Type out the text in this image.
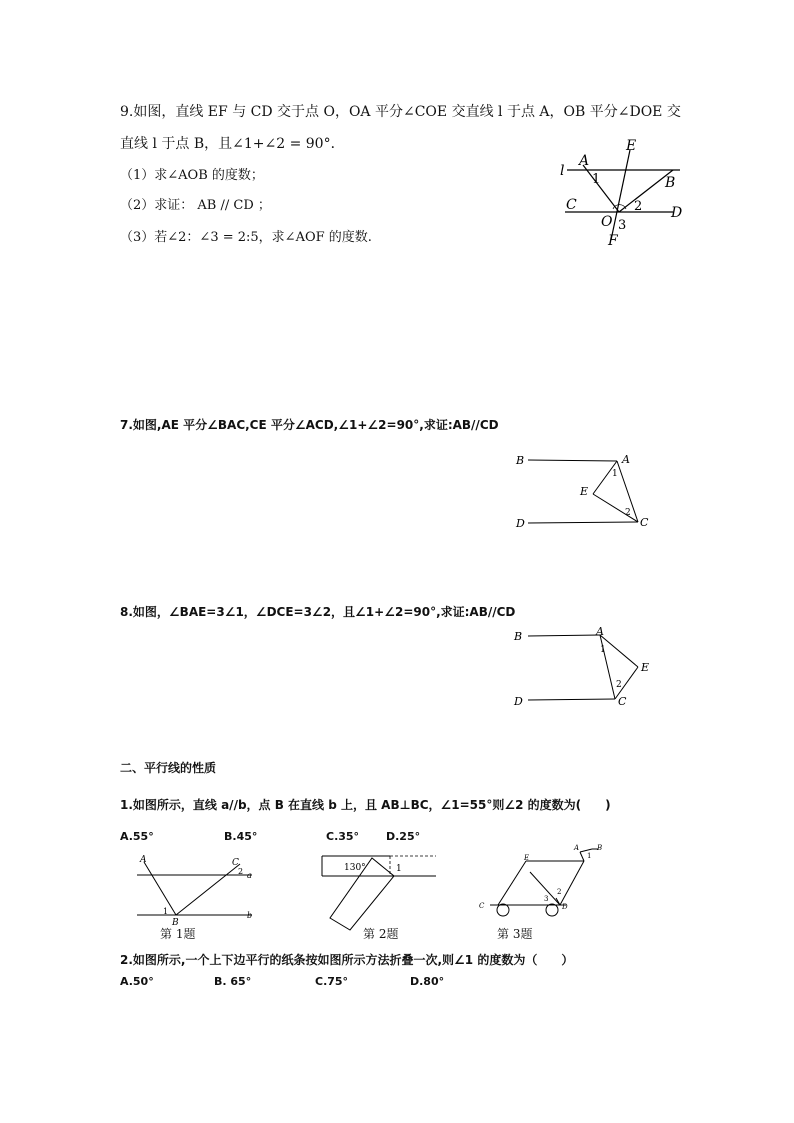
9.如图，直线 EF 与 CD 交于点 O，OA 平分∠COE 交直线 l 于点 A，OB 平分∠DOE 交
直线 l 于点 B，且∠1+∠2 = 90°．
（1）求∠AOB 的度数；
（2）求证： AB // CD ；
（3）若∠2：∠3 = 2:5，求∠AOF 的度数.
l
A
E
B
1
C
O
2 D
3
F
7.如图,AE 平分∠BAC,CE 平分∠ACD,∠1+∠2=90°,求证:AB//CD
B	A
1
E
D
2
C
8.如图，∠BAE=3∠1，∠DCE=3∠2，且∠1+∠2=90°,求证:AB//CD
B	A
1
E
2
D	C
二、平行线的性质
1.如图所示，直线 a//b，点 B 在直线 b 上，且 AB⊥BC，∠1=55°则∠2 的度数为(　　)
A.55°	B.45°	C.35° D.25°
A	C
2 a
1
B
b
第 1题
130°	1
第 2题
A	B
1
E
2
3
C	D
第 3题
2.如图所示,一个上下边平行的纸条按如图所示方法折叠一次,则∠1 的度数为（　　）
A.50°	B. 65°	C.75°	D.80°
